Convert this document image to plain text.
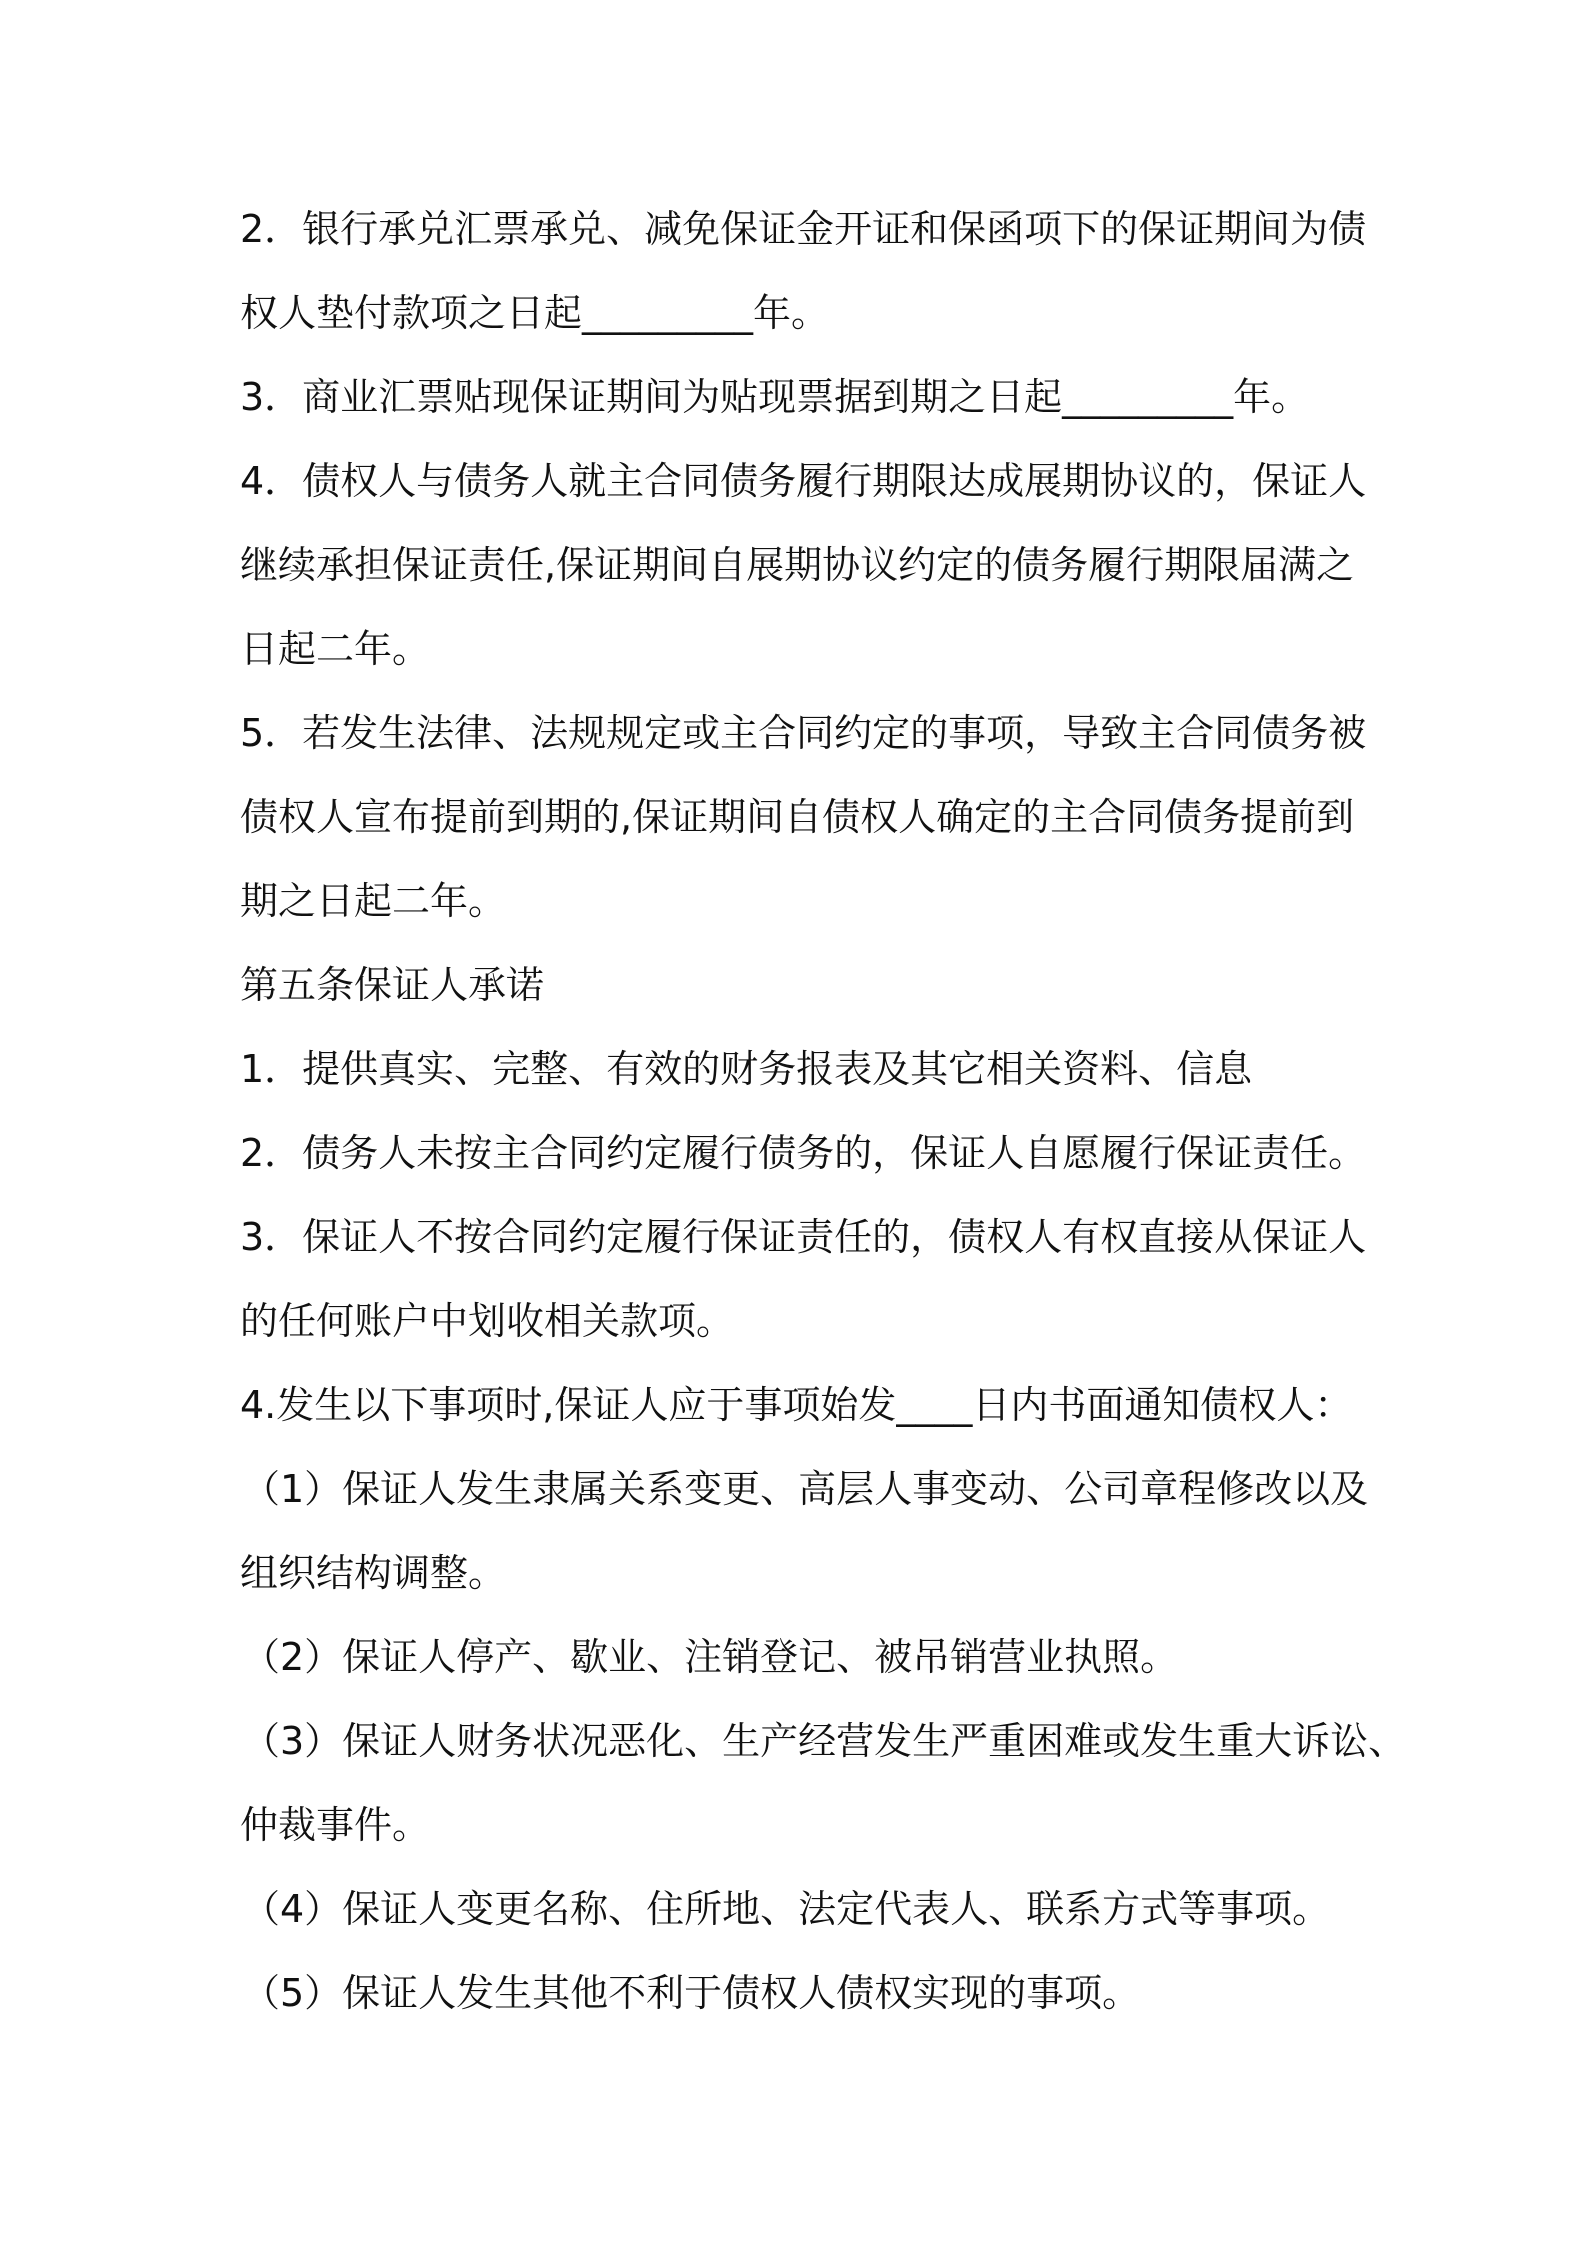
2．银行承兑汇票承兑、减免保证金开证和保函项下的保证期间为债
权人垫付款项之日起_________年。
3．商业汇票贴现保证期间为贴现票据到期之日起_________年。
4．债权人与债务人就主合同债务履行期限达成展期协议的，保证人
继续承担保证责任,保证期间自展期协议约定的债务履行期限届满之
日起二年。
5．若发生法律、法规规定或主合同约定的事项，导致主合同债务被
债权人宣布提前到期的,保证期间自债权人确定的主合同债务提前到
期之日起二年。
第五条保证人承诺
1．提供真实、完整、有效的财务报表及其它相关资料、信息
2．债务人未按主合同约定履行债务的，保证人自愿履行保证责任。
3．保证人不按合同约定履行保证责任的，债权人有权直接从保证人
的任何账户中划收相关款项。
4.发生以下事项时,保证人应于事项始发____日内书面通知债权人：
（1）保证人发生隶属关系变更、高层人事变动、公司章程修改以及
组织结构调整。
（2）保证人停产、歇业、注销登记、被吊销营业执照。
（3）保证人财务状况恶化、生产经营发生严重困难或发生重大诉讼、
仲裁事件。
（4）保证人变更名称、住所地、法定代表人、联系方式等事项。
（5）保证人发生其他不利于债权人债权实现的事项。
